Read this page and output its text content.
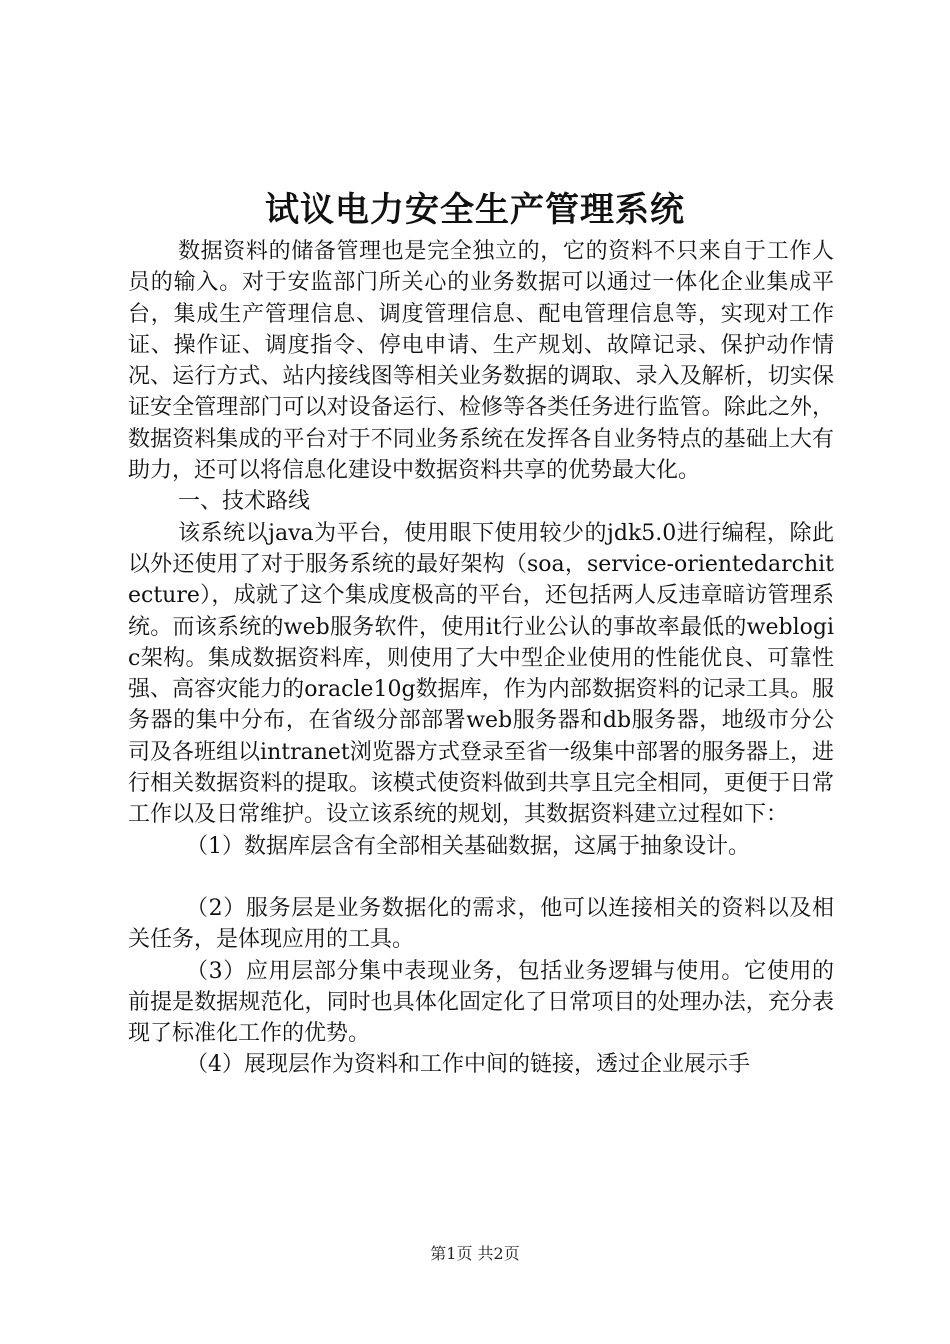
试议电力安全生产管理系统

数据资料的储备管理也是完全独立的，它的资料不只来自于工作人员的输入。对于安监部门所关心的业务数据可以通过一体化企业集成平台，集成生产管理信息、调度管理信息、配电管理信息等，实现对工作证、操作证、调度指令、停电申请、生产规划、故障记录、保护动作情况、运行方式、站内接线图等相关业务数据的调取、录入及解析，切实保证安全管理部门可以对设备运行、检修等各类任务进行监管。除此之外，数据资料集成的平台对于不同业务系统在发挥各自业务特点的基础上大有助力，还可以将信息化建设中数据资料共享的优势最大化。

一、技术路线

该系统以java为平台，使用眼下使用较少的jdk5.0进行编程，除此以外还使用了对于服务系统的最好架构（soa，service-orientedarchitecture），成就了这个集成度极高的平台，还包括两人反违章暗访管理系统。而该系统的web服务软件，使用it行业公认的事故率最低的weblogic架构。集成数据资料库，则使用了大中型企业使用的性能优良、可靠性强、高容灾能力的oracle10g数据库，作为内部数据资料的记录工具。服务器的集中分布，在省级分部部署web服务器和db服务器，地级市分公司及各班组以intranet浏览器方式登录至省一级集中部署的服务器上，进行相关数据资料的提取。该模式使资料做到共享且完全相同，更便于日常工作以及日常维护。设立该系统的规划，其数据资料建立过程如下：

（1）数据库层含有全部相关基础数据，这属于抽象设计。

（2）服务层是业务数据化的需求，他可以连接相关的资料以及相关任务，是体现应用的工具。

（3）应用层部分集中表现业务，包括业务逻辑与使用。它使用的前提是数据规范化，同时也具体化固定化了日常项目的处理办法，充分表现了标准化工作的优势。

（4）展现层作为资料和工作中间的链接，透过企业展示手

第1页 共2页
